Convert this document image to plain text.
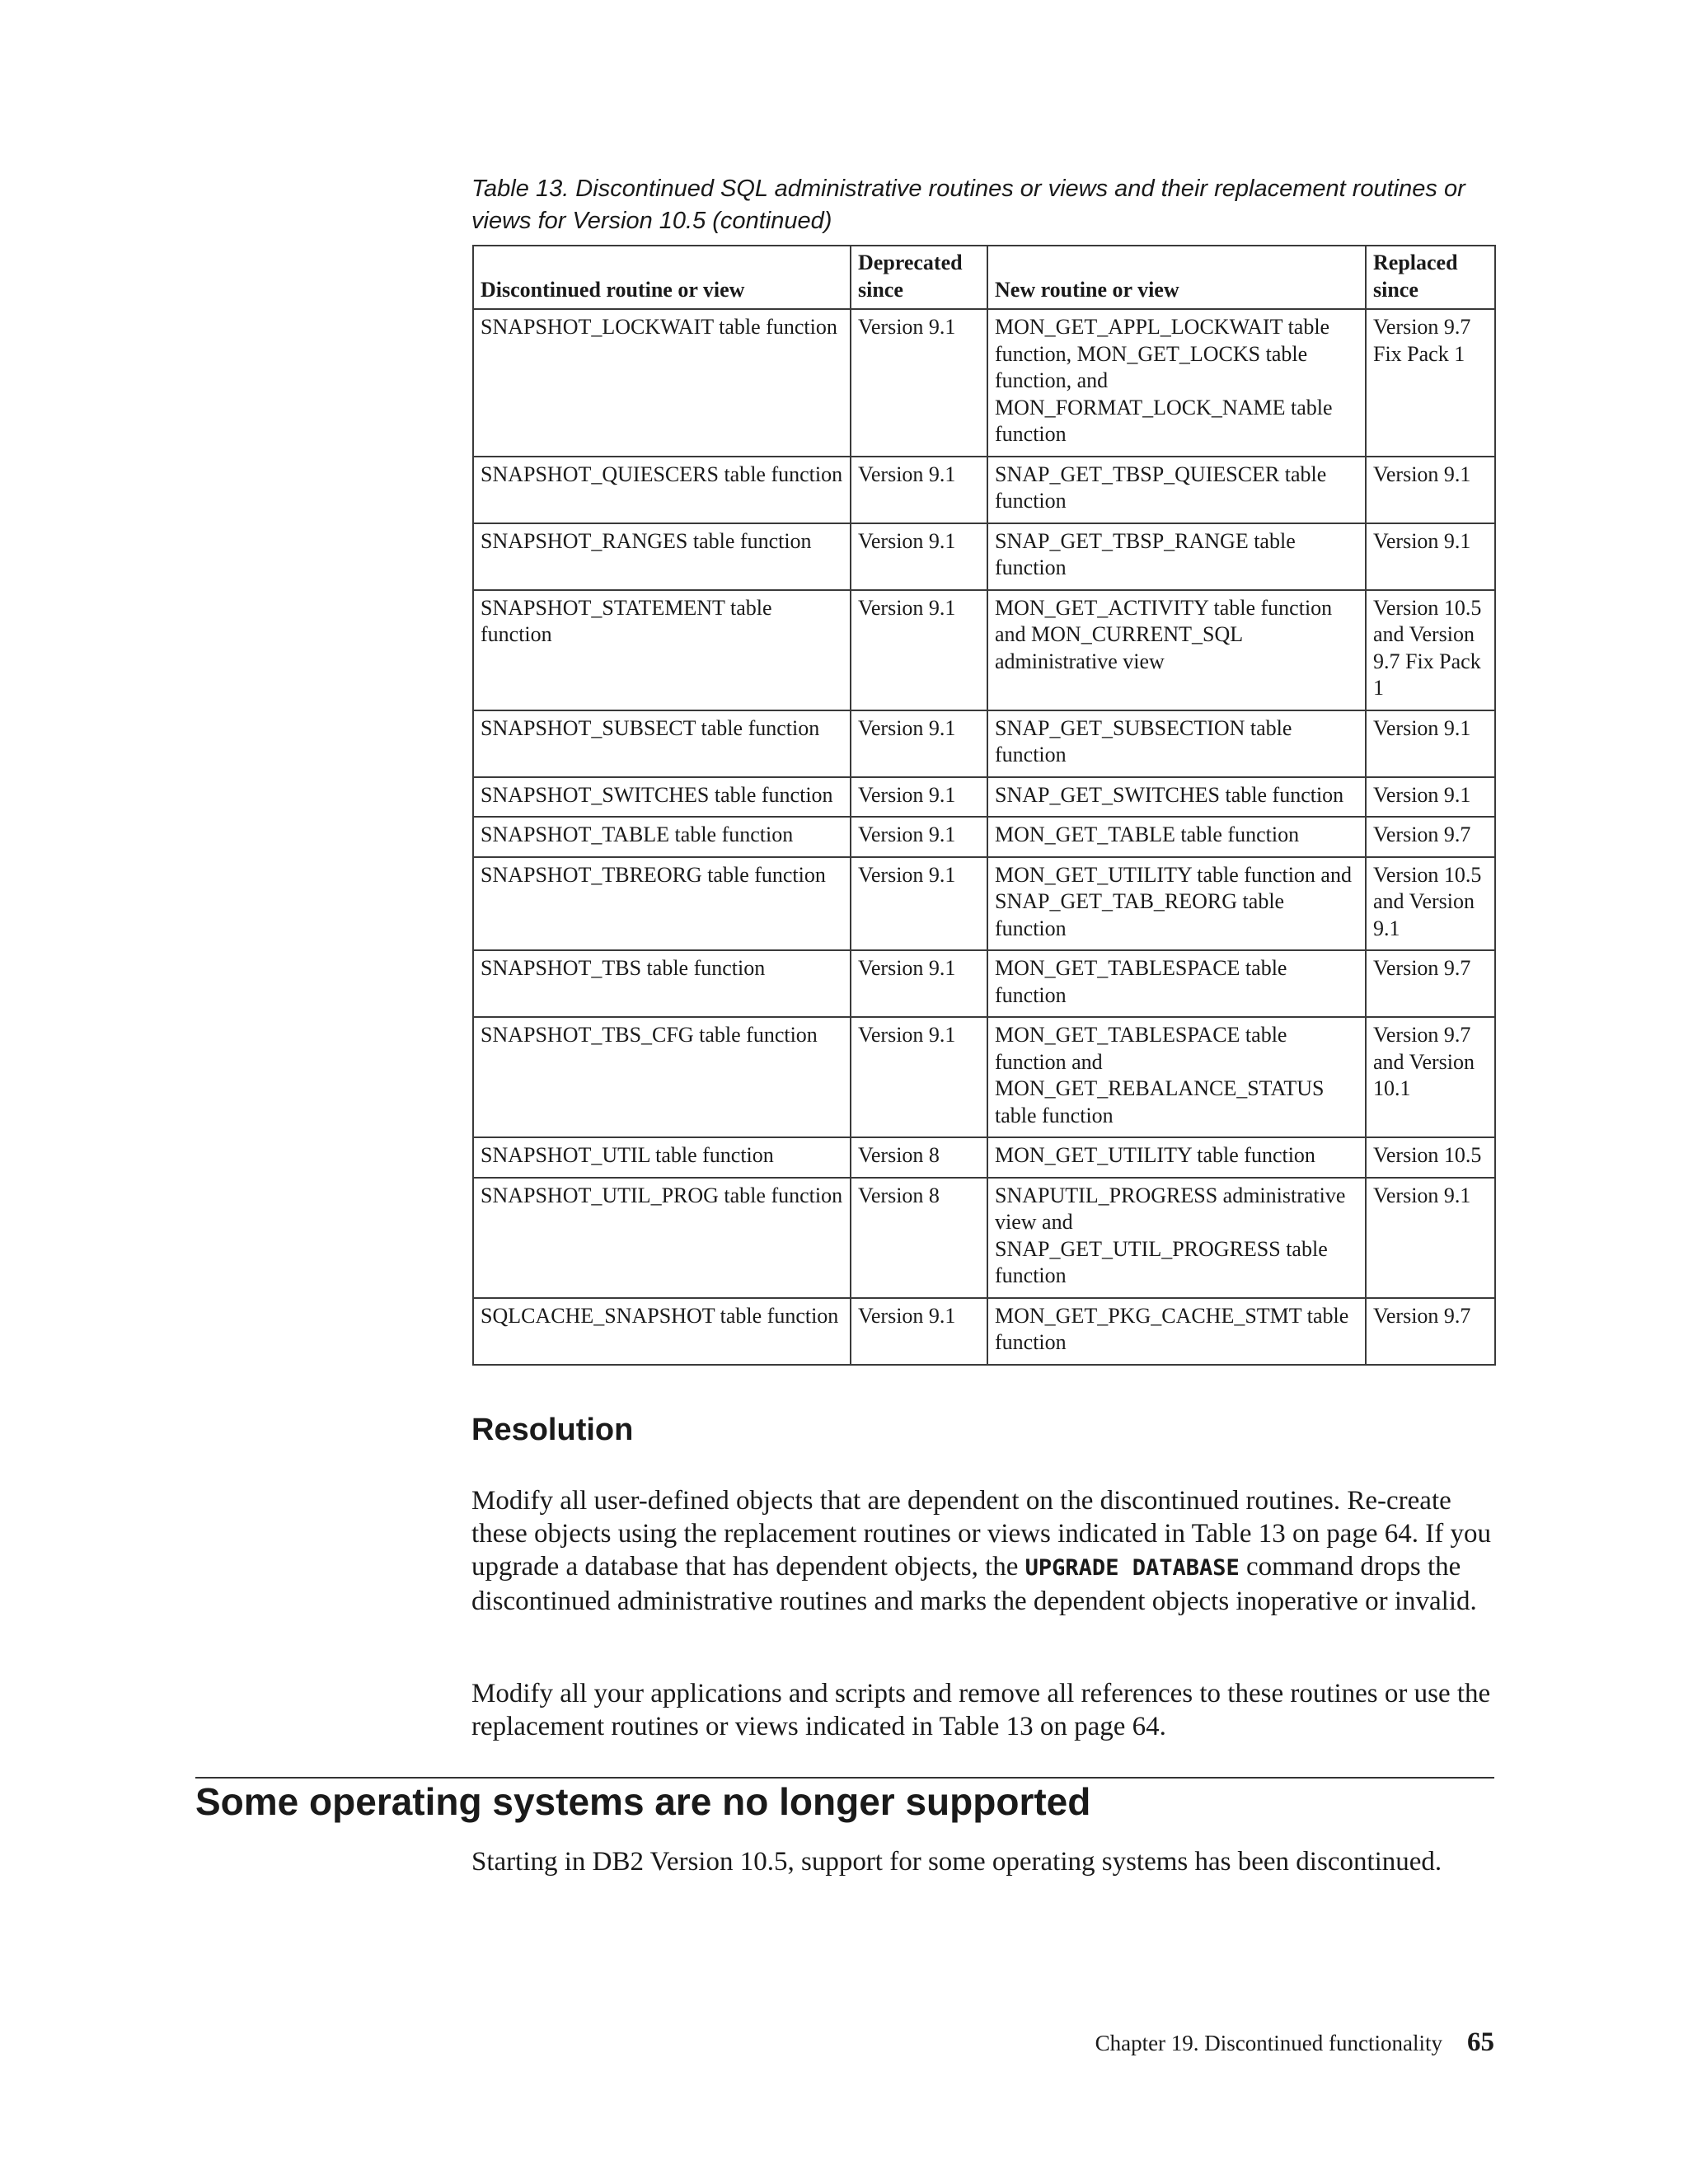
Table 13. Discontinued SQL administrative routines or views and their replacement routines or views for Version 10.5 (continued)
Discontinued routine or view	Deprecated since	New routine or view	Replaced since
SNAPSHOT_LOCKWAIT table function	Version 9.1	MON_GET_APPL_LOCKWAIT table function, MON_GET_LOCKS table function, and MON_FORMAT_LOCK_NAME table function	Version 9.7 Fix Pack 1
SNAPSHOT_QUIESCERS table function	Version 9.1	SNAP_GET_TBSP_QUIESCER table function	Version 9.1
SNAPSHOT_RANGES table function	Version 9.1	SNAP_GET_TBSP_RANGE table function	Version 9.1
SNAPSHOT_STATEMENT table function	Version 9.1	MON_GET_ACTIVITY table function and MON_CURRENT_SQL administrative view	Version 10.5 and Version 9.7 Fix Pack 1
SNAPSHOT_SUBSECT table function	Version 9.1	SNAP_GET_SUBSECTION table function	Version 9.1
SNAPSHOT_SWITCHES table function	Version 9.1	SNAP_GET_SWITCHES table function	Version 9.1
SNAPSHOT_TABLE table function	Version 9.1	MON_GET_TABLE table function	Version 9.7
SNAPSHOT_TBREORG table function	Version 9.1	MON_GET_UTILITY table function and SNAP_GET_TAB_REORG table function	Version 10.5 and Version 9.1
SNAPSHOT_TBS table function	Version 9.1	MON_GET_TABLESPACE table function	Version 9.7
SNAPSHOT_TBS_CFG table function	Version 9.1	MON_GET_TABLESPACE table function and MON_GET_REBALANCE_STATUS table function	Version 9.7 and Version 10.1
SNAPSHOT_UTIL table function	Version 8	MON_GET_UTILITY table function	Version 10.5
SNAPSHOT_UTIL_PROG table function	Version 8	SNAPUTIL_PROGRESS administrative view and SNAP_GET_UTIL_PROGRESS table function	Version 9.1
SQLCACHE_SNAPSHOT table function	Version 9.1	MON_GET_PKG_CACHE_STMT table function	Version 9.7
Resolution

Modify all user-defined objects that are dependent on the discontinued routines. Re-create these objects using the replacement routines or views indicated in Table 13 on page 64. If you upgrade a database that has dependent objects, the UPGRADE DATABASE command drops the discontinued administrative routines and marks the dependent objects inoperative or invalid.

Modify all your applications and scripts and remove all references to these routines or use the replacement routines or views indicated in Table 13 on page 64.

Some operating systems are no longer supported

Starting in DB2 Version 10.5, support for some operating systems has been discontinued.

Chapter 19. Discontinued functionality 65
